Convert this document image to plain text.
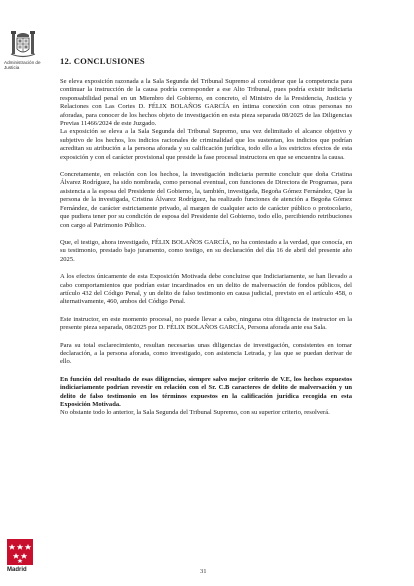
Administración de Justicia
Madrid
12. CONCLUSIONES

Se eleva exposición razonada a la Sala Segunda del Tribunal Supremo al considerar que la competencia para continuar la instrucción de la causa podría corresponder a ese Alto Tribunal, pues podría existir indiciaria responsabilidad penal en un Miembro del Gobierno, en concreto, el Ministro de la Presidencia, Justicia y Relaciones con Las Cortes D. FÉLIX BOLAÑOS GARCÍA en íntima conexión con otras personas no aforadas, para conocer de los hechos objeto de investigación en esta pieza separada 08/2025 de las Diligencias Previas 11466/2024 de este Juzgado.

La exposición se eleva a la Sala Segunda del Tribunal Supremo, una vez delimitado el alcance objetivo y subjetivo de los hechos, los indicios racionales de criminalidad que los sustentan, los indicios que podrían acreditan su atribución a la persona aforada y su calificación jurídica, todo ello a los estrictos efectos de esta exposición y con el carácter provisional que preside la fase procesal instructora en que se encuentra la causa.

Concretamente, en relación con los hechos, la investigación indiciaria permite concluir que doña Cristina Álvarez Rodríguez, ha sido nombrada, como personal eventual, con funciones de Directora de Programas, para asistencia a la esposa del Presidente del Gobierno, la, también, investigada, Begoña Gómez Fernández, Que la persona de la investigada, Cristina Álvarez Rodríguez, ha realizado funciones de atención a Begoña Gómez Fernández, de carácter estrictamente privado, al margen de cualquier acto de carácter público o protocolario, que pudiera tener por su condición de esposa del Presidente del Gobierno, todo ello, percibiendo retribuciones con cargo al Patrimonio Público.

Que, el testigo, ahora investigado, FÉLIX BOLAÑOS GARCÍA, no ha contestado a la verdad, que conocía, en su testimonio, prestado bajo juramento, como testigo, en su declaración del día 16 de abril del presente año 2025.

A los efectos únicamente de esta Exposición Motivada debe concluirse que Indiciariamente, se han llevado a cabo comportamientos que podrían estar incardinados en un delito de malversación de fondos públicos, del artículo 432 del Código Penal, y un delito de falso testimonio en causa judicial, previsto en el artículo 458, o alternativamente, 460, ambos del Código Penal.

Este instructor, en este momento procesal, no puede llevar a cabo, ninguna otra diligencia de instructor en la presente pieza separada, 08/2025 por D. FÉLIX BOLAÑOS GARCÍA, Persona aforada ante esa Sala.

Para su total esclarecimiento, resultan necesarias unas diligencias de investigación, consistentes en tomar declaración, a la persona aforada, como investigado, con asistencia Letrada, y las que se puedan derivar de ello.

En función del resultado de esas diligencias, siempre salvo mejor criterio de V.E, los hechos expuestos indiciariamente podrían revestir en relación con el Sr. C.B caracteres de delito de malversación y un delito de falso testimonio en los términos expuestos en la calificación jurídica recogida en esta Exposición Motivada.

No obstante todo lo anterior, la Sala Segunda del Tribunal Supremo, con su superior criterio, resolverá.

31
